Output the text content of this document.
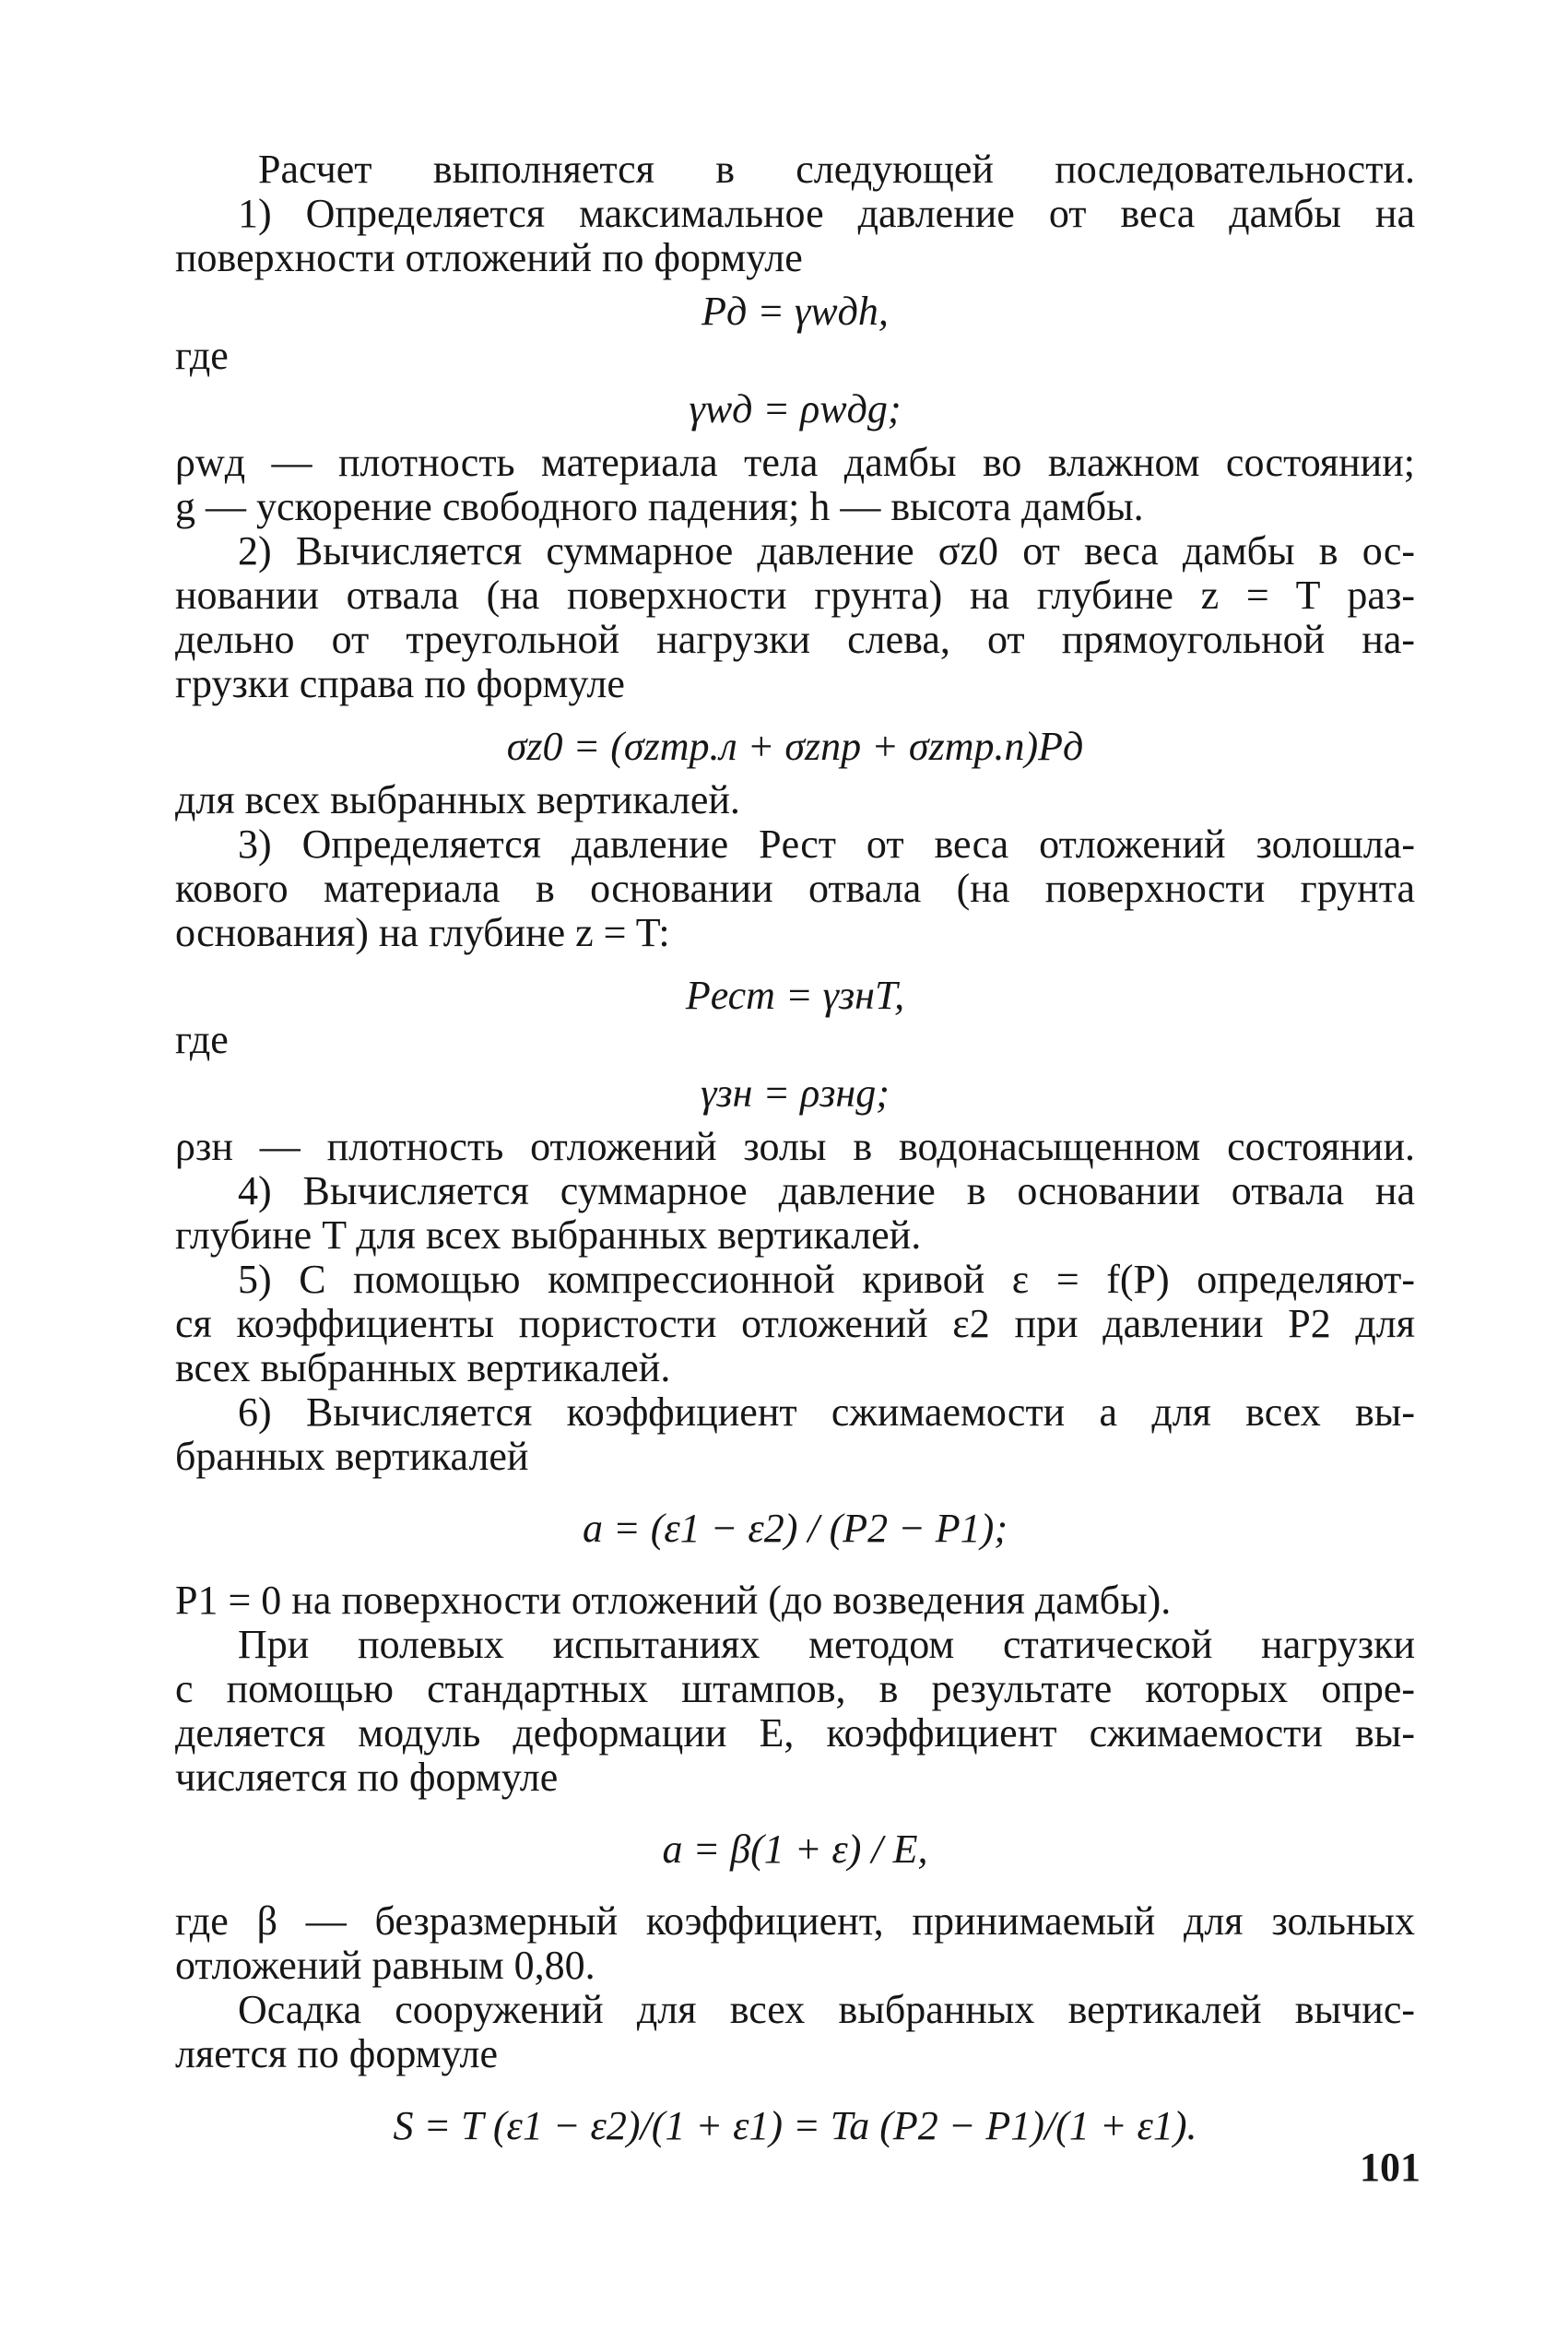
Расчет выполняется в следующей последовательности.
1) Определяется максимальное давление от веса дамбы на
поверхности отложений по формуле
Pд = γwдh,
где
γwд = ρwдg;
ρwд — плотность материала тела дамбы во влажном состоянии;
g — ускорение свободного падения; h — высота дамбы.
2) Вычисляется суммарное давление σz0 от веса дамбы в ос-
новании отвала (на поверхности грунта) на глубине z = T раз-
дельно от треугольной нагрузки слева, от прямоугольной на-
грузки справа по формуле
σz0 = (σzтр.л + σzпр + σzтр.п)Pд
для всех выбранных вертикалей.
3) Определяется давление Pест от веса отложений золошла-
кового материала в основании отвала (на поверхности грунта
основания) на глубине z = T:
Pест = γзнT,
где
γзн = ρзнg;
ρзн — плотность отложений золы в водонасыщенном состоянии.
4) Вычисляется суммарное давление в основании отвала на
глубине T для всех выбранных вертикалей.
5) С помощью компрессионной кривой ε = f(P) определяют-
ся коэффициенты пористости отложений ε2 при давлении P2 для
всех выбранных вертикалей.
6) Вычисляется коэффициент сжимаемости a для всех вы-
бранных вертикалей
a = (ε1 − ε2) / (P2 − P1);
P1 = 0 на поверхности отложений (до возведения дамбы).
При полевых испытаниях методом статической нагрузки
с помощью стандартных штампов, в результате которых опре-
деляется модуль деформации E, коэффициент сжимаемости вы-
числяется по формуле
a = β(1 + ε) / E,
где β — безразмерный коэффициент, принимаемый для зольных
отложений равным 0,80.
Осадка сооружений для всех выбранных вертикалей вычис-
ляется по формуле
S = T (ε1 − ε2)/(1 + ε1) = Ta (P2 − P1)/(1 + ε1).
101
